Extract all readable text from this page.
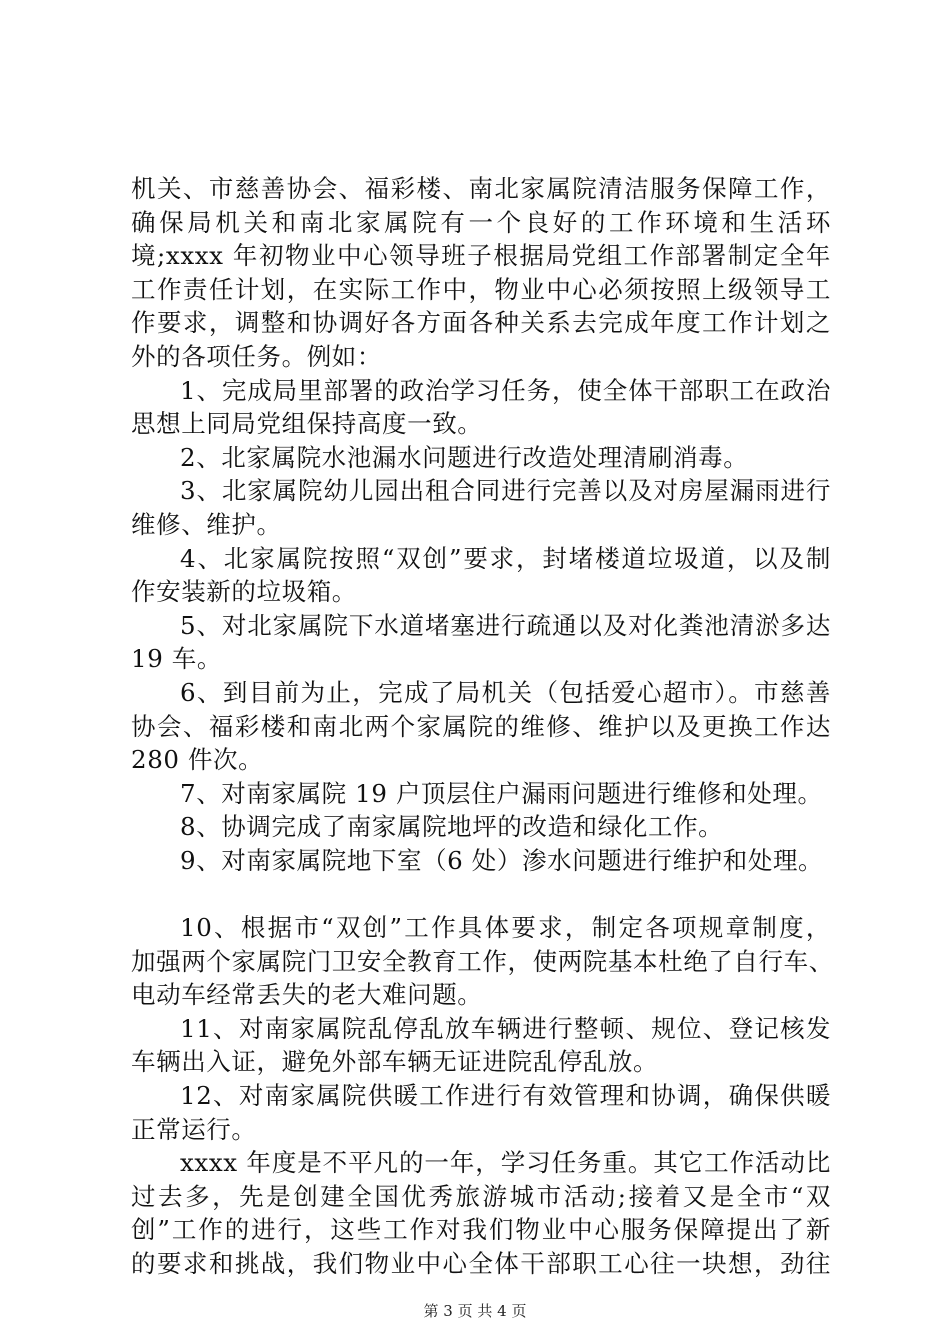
机关、市慈善协会、福彩楼、南北家属院清洁服务保障工作，
确保局机关和南北家属院有一个良好的工作环境和生活环
境;xxxx 年初物业中心领导班子根据局党组工作部署制定全年
工作责任计划，在实际工作中，物业中心必须按照上级领导工
作要求，调整和协调好各方面各种关系去完成年度工作计划之
外的各项任务。例如：
1、完成局里部署的政治学习任务，使全体干部职工在政治
思想上同局党组保持高度一致。
2、北家属院水池漏水问题进行改造处理清刷消毒。
3、北家属院幼儿园出租合同进行完善以及对房屋漏雨进行
维修、维护。
4、北家属院按照“双创”要求，封堵楼道垃圾道，以及制
作安装新的垃圾箱。
5、对北家属院下水道堵塞进行疏通以及对化粪池清淤多达
19 车。
6、到目前为止，完成了局机关（包括爱心超市）。市慈善
协会、福彩楼和南北两个家属院的维修、维护以及更换工作达
280 件次。
7、对南家属院 19 户顶层住户漏雨问题进行维修和处理。
8、协调完成了南家属院地坪的改造和绿化工作。
9、对南家属院地下室（6 处）渗水问题进行维护和处理。
10、根据市“双创”工作具体要求，制定各项规章制度，
加强两个家属院门卫安全教育工作，使两院基本杜绝了自行车、
电动车经常丢失的老大难问题。
11、对南家属院乱停乱放车辆进行整顿、规位、登记核发
车辆出入证，避免外部车辆无证进院乱停乱放。
12、对南家属院供暖工作进行有效管理和协调，确保供暖
正常运行。
xxxx 年度是不平凡的一年，学习任务重。其它工作活动比
过去多，先是创建全国优秀旅游城市活动;接着又是全市“双
创”工作的进行，这些工作对我们物业中心服务保障提出了新
的要求和挑战，我们物业中心全体干部职工心往一块想，劲往
第 3 页 共 4 页
